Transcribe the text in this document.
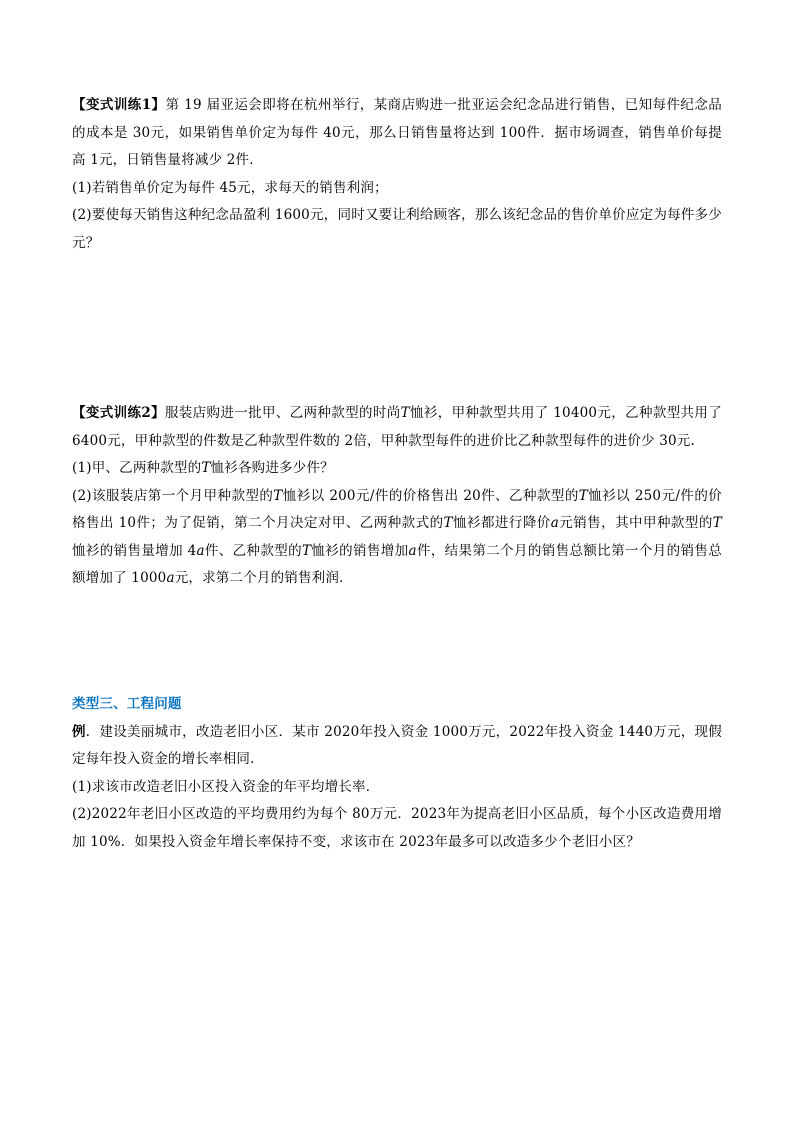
【变式训练1】第 19 届亚运会即将在杭州举行，某商店购进一批亚运会纪念品进行销售，已知每件纪念品的成本是 30元，如果销售单价定为每件 40元，那么日销售量将达到 100件．据市场调查，销售单价每提高 1元，日销售量将减少 2件．

(1)若销售单价定为每件 45元，求每天的销售利润；

(2)要使每天销售这种纪念品盈利 1600元，同时又要让利给顾客，那么该纪念品的售价单价应定为每件多少元？

【变式训练2】服装店购进一批甲、乙两种款型的时尚T恤衫，甲种款型共用了 10400元，乙种款型共用了 6400元，甲种款型的件数是乙种款型件数的 2倍，甲种款型每件的进价比乙种款型每件的进价少 30元.

(1)甲、乙两种款型的T恤衫各购进多少件？

(2)该服装店第一个月甲种款型的T恤衫以 200元/件的价格售出 20件、乙种款型的T恤衫以 250元/件的价格售出 10件；为了促销，第二个月决定对甲、乙两种款式的T恤衫都进行降价a元销售，其中甲种款型的T恤衫的销售量增加 4a件、乙种款型的T恤衫的销售增加a件，结果第二个月的销售总额比第一个月的销售总额增加了 1000a元，求第二个月的销售利润．

类型三、工程问题

例．建设美丽城市，改造老旧小区．某市 2020年投入资金 1000万元，2022年投入资金 1440万元，现假定每年投入资金的增长率相同．

(1)求该市改造老旧小区投入资金的年平均增长率．

(2)2022年老旧小区改造的平均费用约为每个 80万元．2023年为提高老旧小区品质，每个小区改造费用增加 10%．如果投入资金年增长率保持不变，求该市在 2023年最多可以改造多少个老旧小区？
